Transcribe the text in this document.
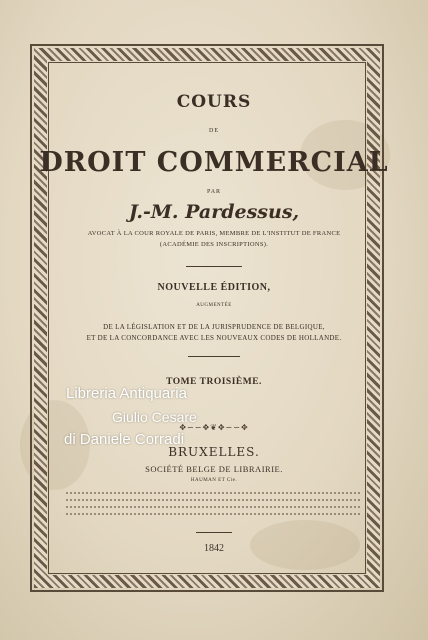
COURS
DE
DROIT COMMERCIAL
PAR
J.-M. Pardessus,
AVOCAT À LA COUR ROYALE DE PARIS, MEMBRE DE L'INSTITUT DE FRANCE
(ACADÉMIE DES INSCRIPTIONS).
NOUVELLE ÉDITION,
AUGMENTÉE
DE LA LÉGISLATION ET DE LA JURISPRUDENCE DE BELGIQUE,
ET DE LA CONCORDANCE AVEC LES NOUVEAUX CODES DE HOLLANDE.
TOME TROISIÈME.
✥∽∽✥❦✥∽∽✥
BRUXELLES.
SOCIÉTÉ BELGE DE LIBRAIRIE.
HAUMAN ET Cie.
1842
Libreria Antiquaria
Giulio Cesare
di Daniele Corradi
